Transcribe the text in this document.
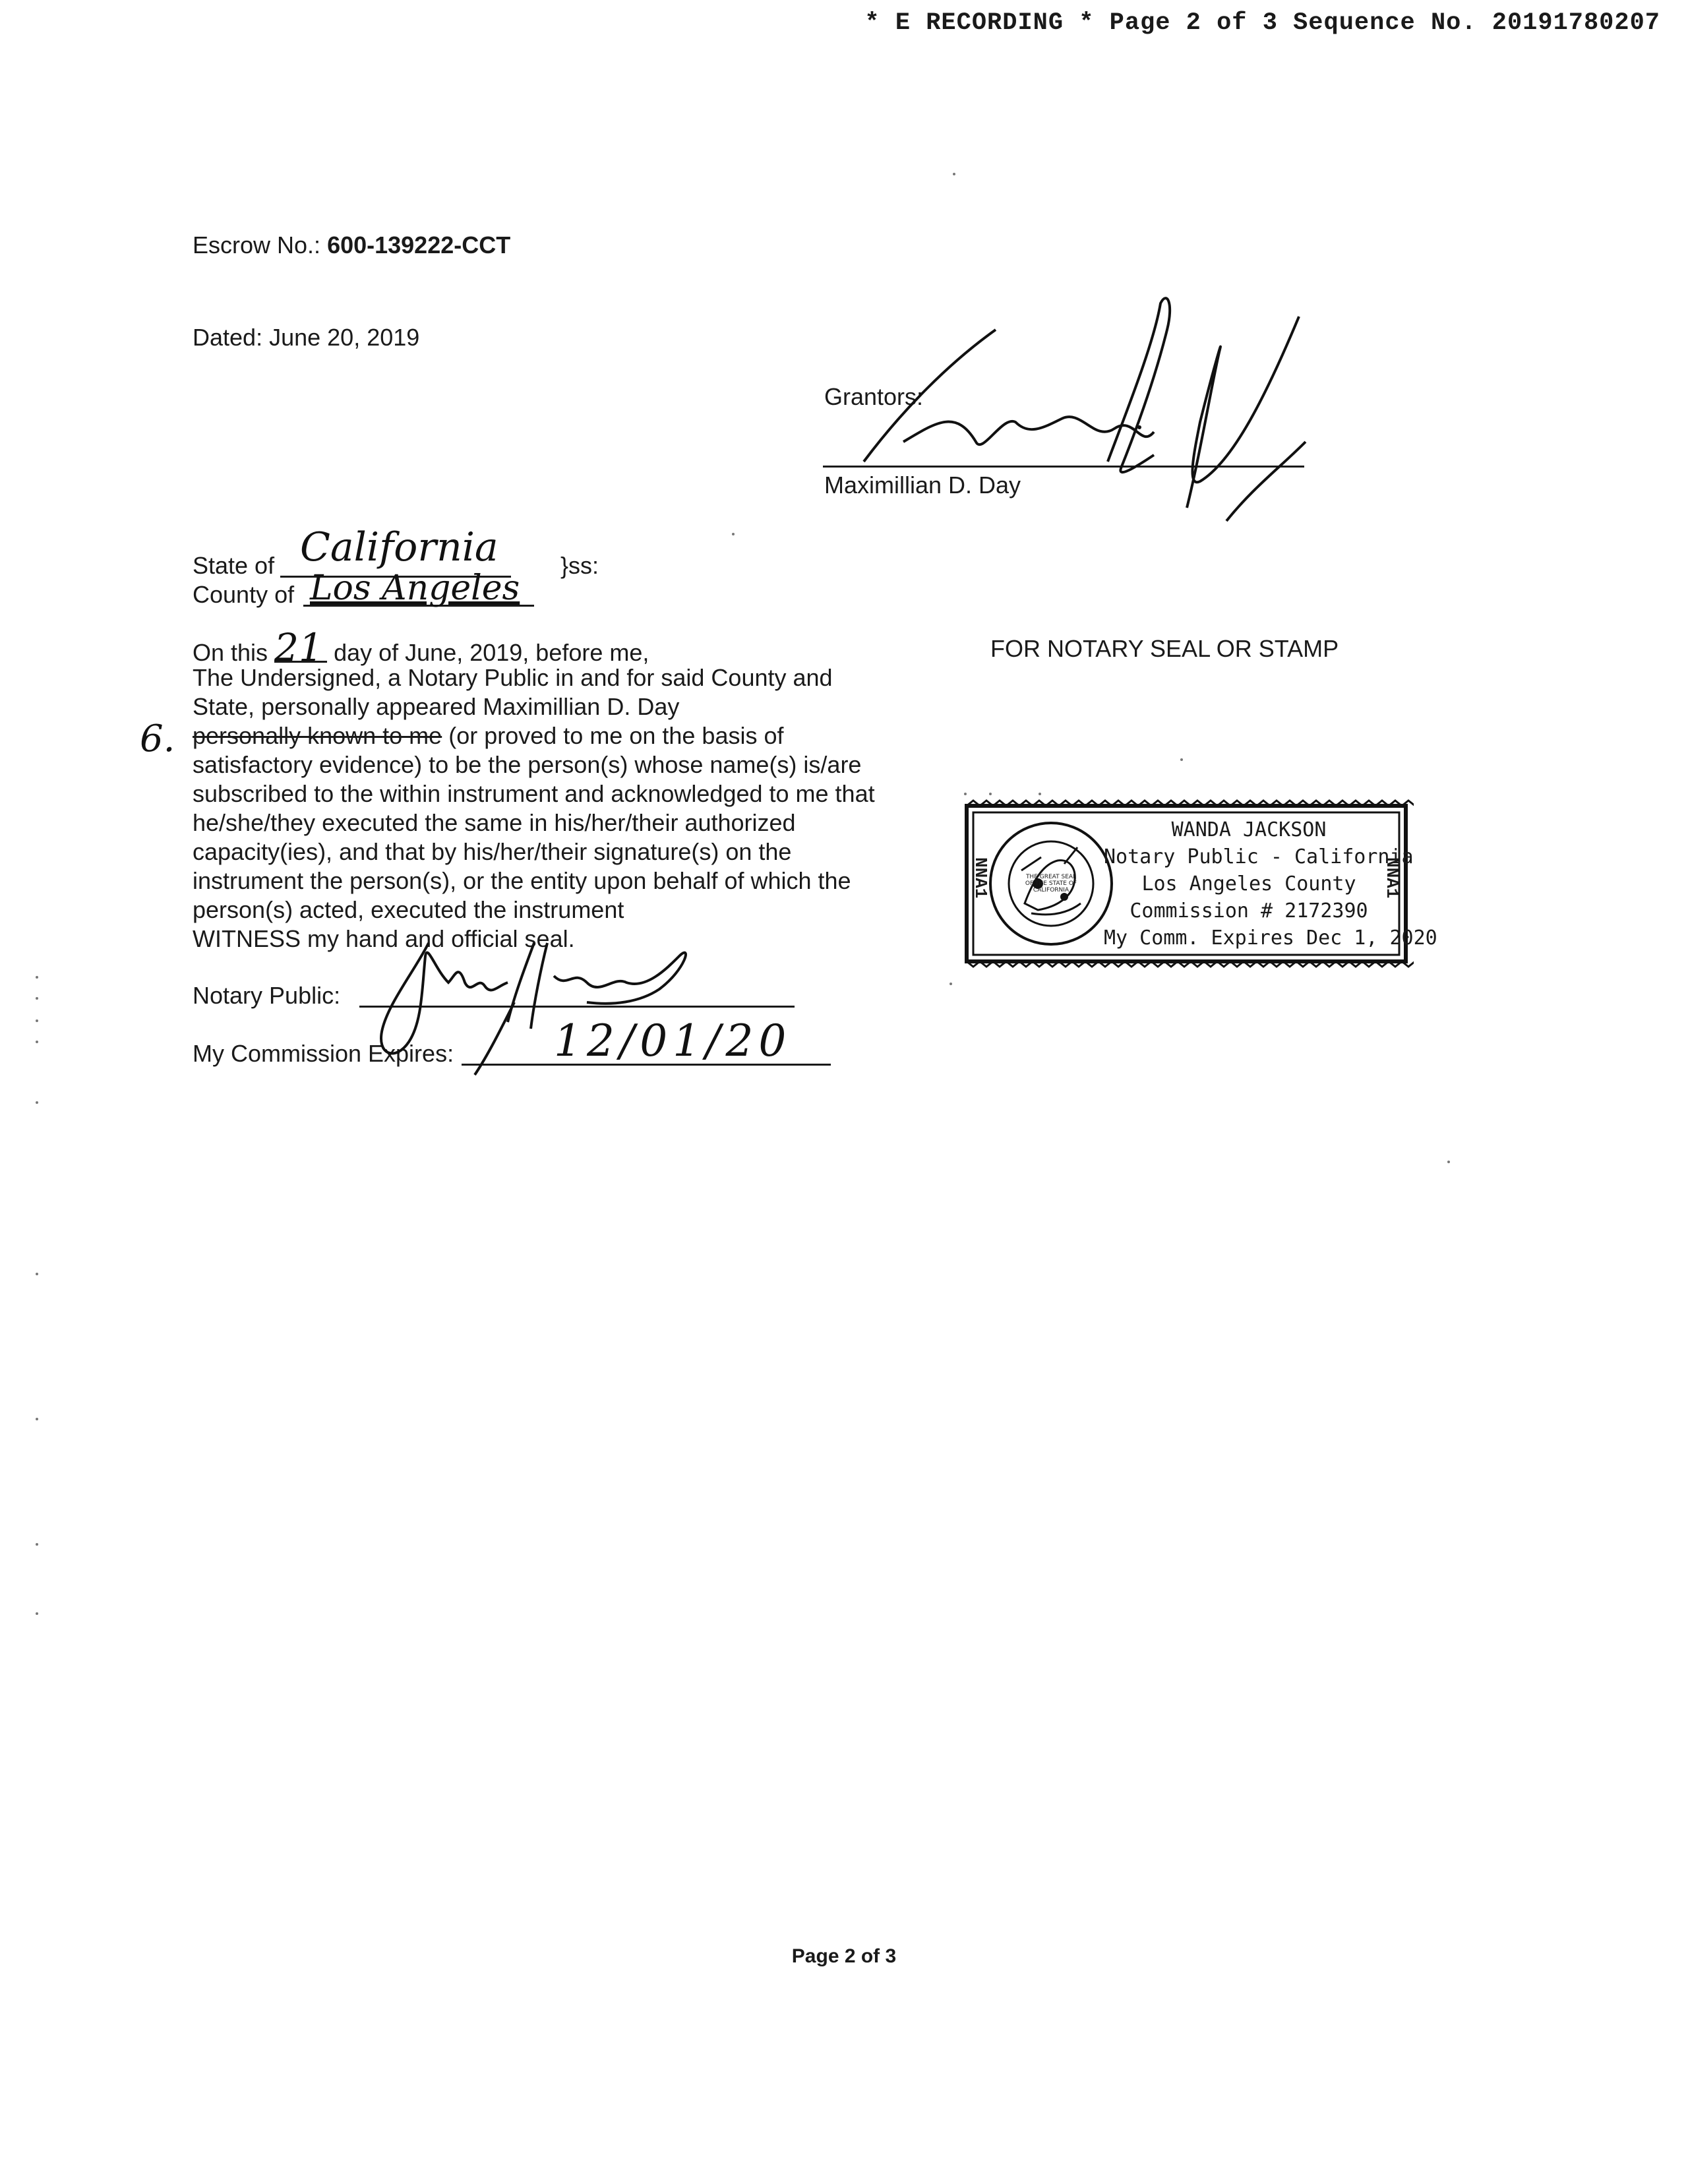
* E RECORDING * Page 2 of 3 Sequence No. 20191780207
Escrow No.: 600-139222-CCT
Dated: June 20, 2019
Grantors:
Maximillian D. Day
State of California	}ss:
County of Los Angeles
On this 21 day of June, 2019, before me,
The Undersigned, a Notary Public in and for said County and
State, personally appeared Maximillian D. Day
personally known to me (or proved to me on the basis of
satisfactory evidence) to be the person(s) whose name(s) is/are
subscribed to the within instrument and acknowledged to me that
he/she/they executed the same in his/her/their authorized
capacity(ies), and that by his/her/their signature(s) on the
instrument the person(s), or the entity upon behalf of which the
person(s) acted, executed the instrument
WITNESS my hand and official seal.
6.
Notary Public:
My Commission Expires: 12/01/20
FOR NOTARY SEAL OR STAMP
THE GREAT SEAL OF THE STATE OF CALIFORNIA
NNA1	NNA1
WANDA JACKSON
Notary Public - California
Los Angeles County
Commission # 2172390
My Comm. Expires Dec 1, 2020
Page 2 of 3
